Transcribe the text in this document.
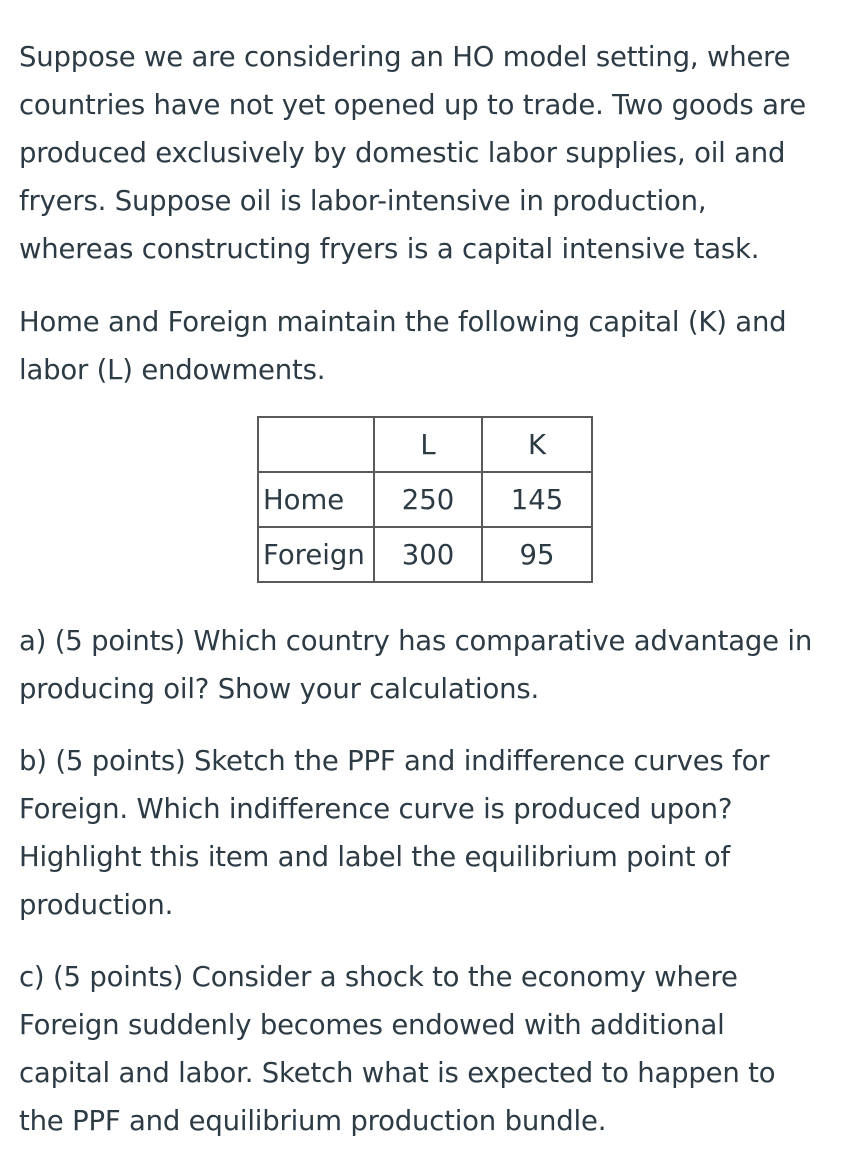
Suppose we are considering an HO model setting, where
countries have not yet opened up to trade. Two goods are
produced exclusively by domestic labor supplies, oil and
fryers. Suppose oil is labor-intensive in production,
whereas constructing fryers is a capital intensive task.

Home and Foreign maintain the following capital (K) and
labor (L) endowments.

	L	K
Home	250	145
Foreign	300	95

a) (5 points) Which country has comparative advantage in
producing oil? Show your calculations.

b) (5 points) Sketch the PPF and indifference curves for
Foreign. Which indifference curve is produced upon?
Highlight this item and label the equilibrium point of
production.

c) (5 points) Consider a shock to the economy where
Foreign suddenly becomes endowed with additional
capital and labor. Sketch what is expected to happen to
the PPF and equilibrium production bundle.
